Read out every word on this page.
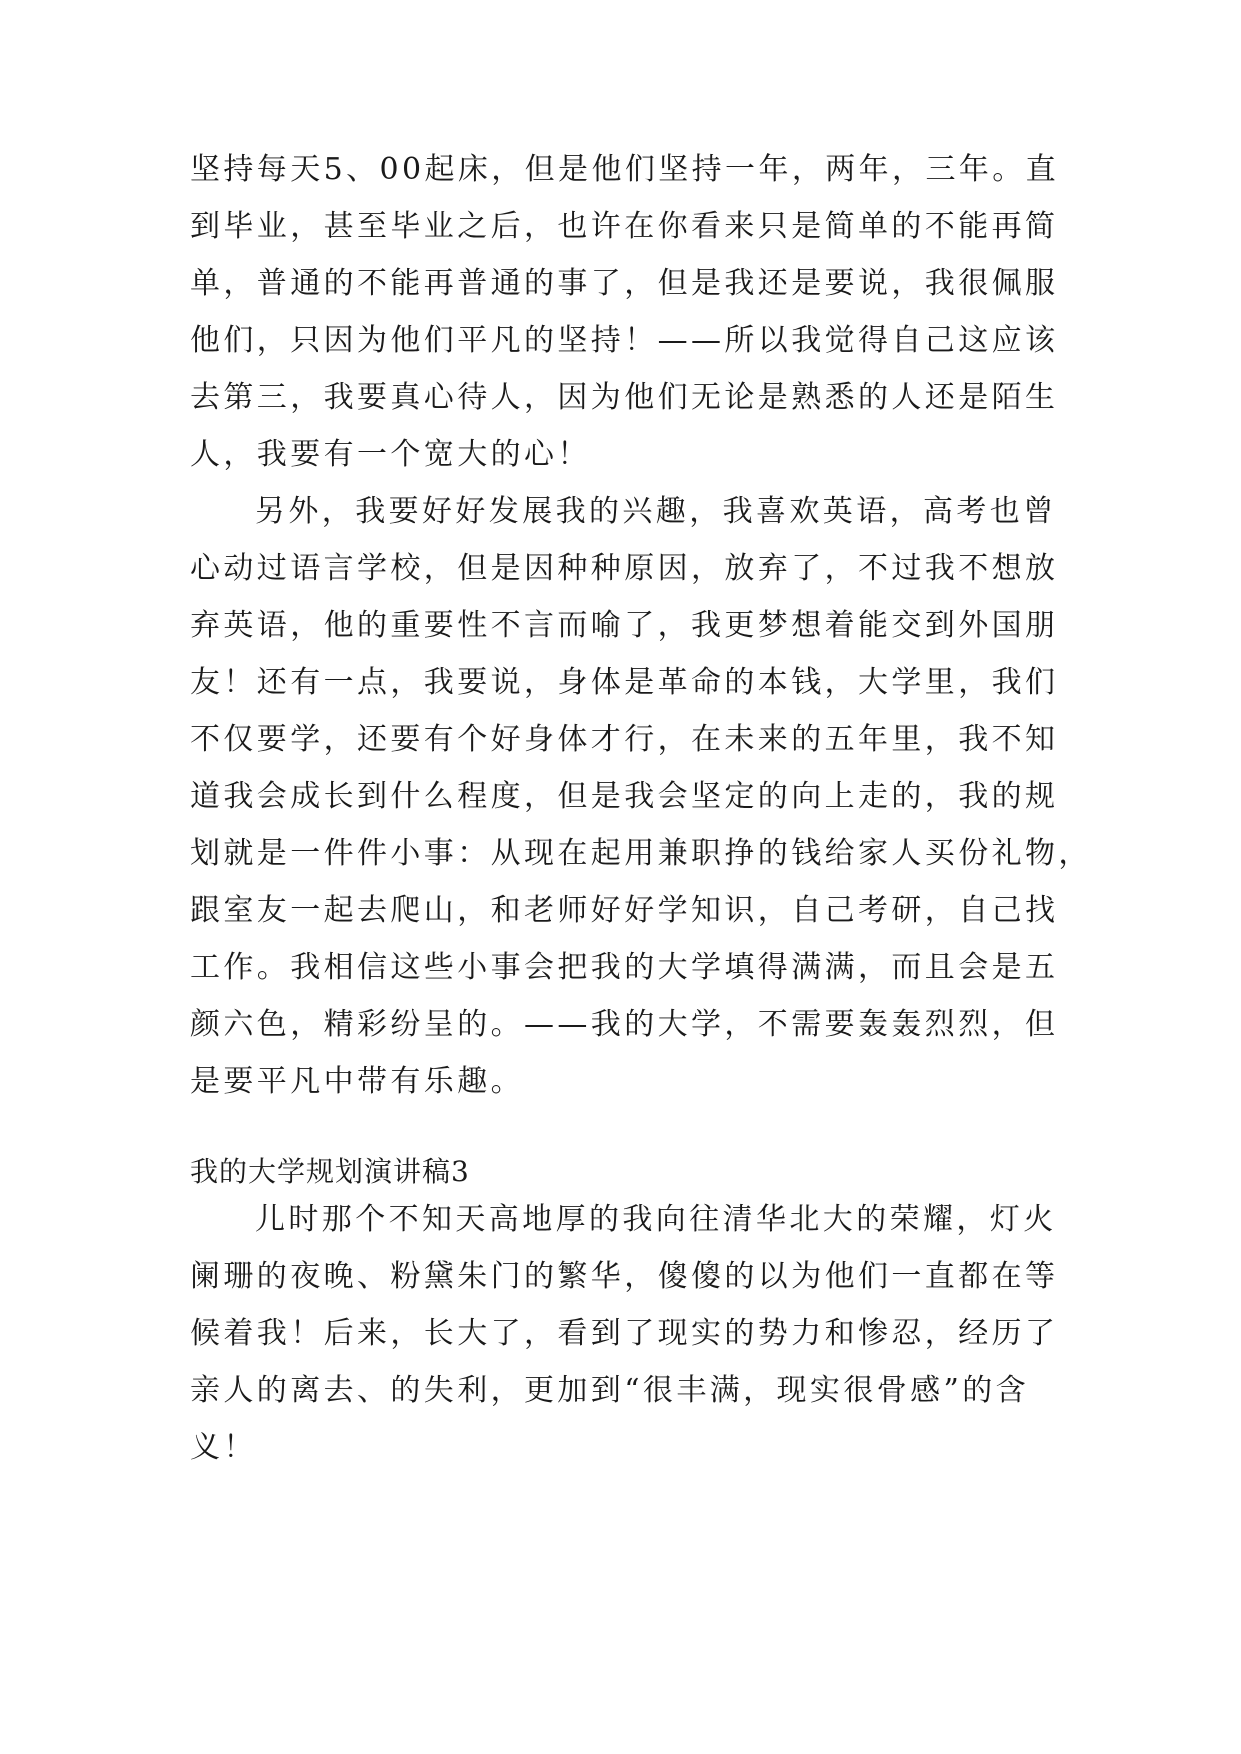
坚持每天5、00起床，但是他们坚持一年，两年，三年。直
到毕业，甚至毕业之后，也许在你看来只是简单的不能再简
单，普通的不能再普通的事了，但是我还是要说，我很佩服
他们，只因为他们平凡的坚持！——所以我觉得自己这应该
去第三，我要真心待人，因为他们无论是熟悉的人还是陌生
人，我要有一个宽大的心！
另外，我要好好发展我的兴趣，我喜欢英语，高考也曾
心动过语言学校，但是因种种原因，放弃了，不过我不想放
弃英语，他的重要性不言而喻了，我更梦想着能交到外国朋
友！还有一点，我要说，身体是革命的本钱，大学里，我们
不仅要学，还要有个好身体才行，在未来的五年里，我不知
道我会成长到什么程度，但是我会坚定的向上走的，我的规
划就是一件件小事：从现在起用兼职挣的钱给家人买份礼物，
跟室友一起去爬山，和老师好好学知识，自己考研，自己找
工作。我相信这些小事会把我的大学填得满满，而且会是五
颜六色，精彩纷呈的。——我的大学，不需要轰轰烈烈，但
是要平凡中带有乐趣。
我的大学规划演讲稿3
儿时那个不知天高地厚的我向往清华北大的荣耀，灯火
阑珊的夜晚、粉黛朱门的繁华，傻傻的以为他们一直都在等
候着我！后来，长大了，看到了现实的势力和惨忍，经历了
亲人的离去、的失利，更加到“很丰满，现实很骨感”的含
义！
